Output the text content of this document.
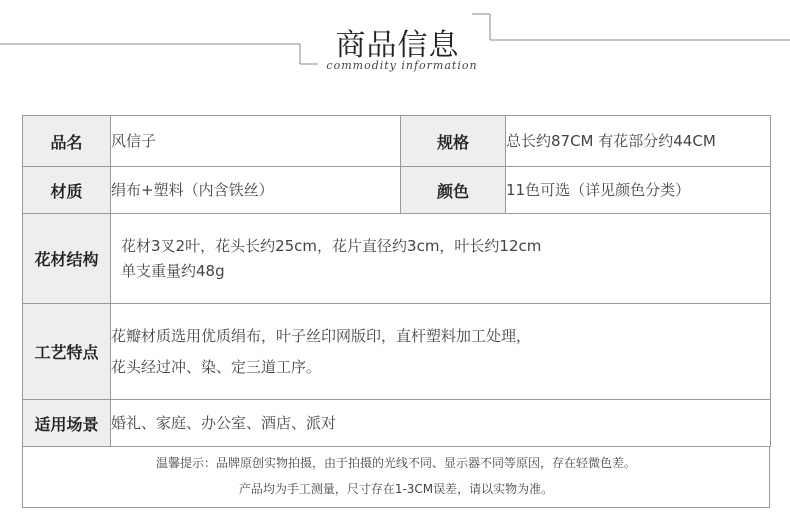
商品信息
commodity information
品名	风信子	规格	总长约87CM 有花部分约44CM
材质	绢布+塑料（内含铁丝）	颜色	11色可选（详见颜色分类）
花材结构	花材3叉2叶，花头长约25cm，花片直径约3cm，叶长约12cm
单支重量约48g		

工艺特点	花瓣材质选用优质绢布，叶子丝印网版印，直杆塑料加工处理，
花头经过冲、染、定三道工序。		

适用场景	婚礼、家庭、办公室、酒店、派对		
温馨提示：品牌原创实物拍摄，由于拍摄的光线不同、显示器不同等原因，存在轻微色差。
产品均为手工测量，尺寸存在1-3CM误差，请以实物为准。
